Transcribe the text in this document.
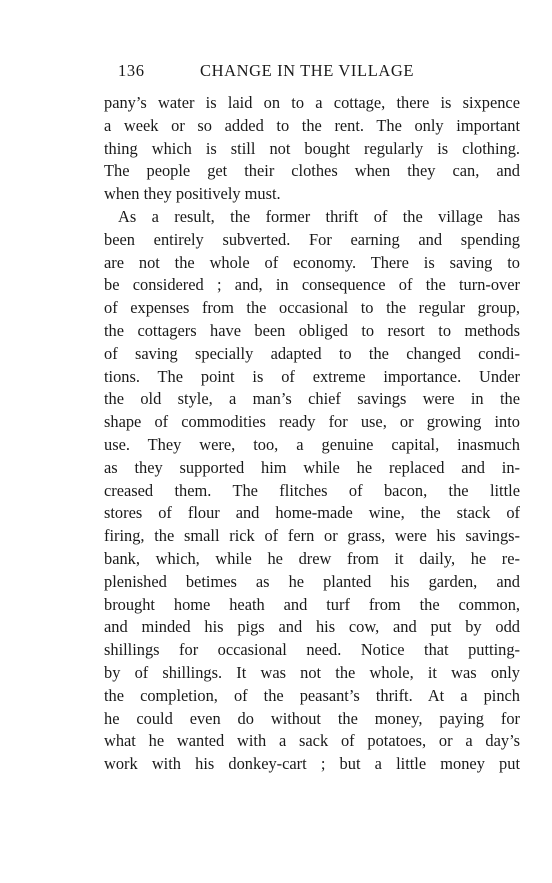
136	CHANGE IN THE VILLAGE
pany’s water is laid on to a cottage, there is sixpence
a week or so added to the rent. The only important
thing which is still not bought regularly is clothing.
The people get their clothes when they can, and
when they positively must.
As a result, the former thrift of the village has
been entirely subverted. For earning and spending
are not the whole of economy. There is saving to
be considered ; and, in consequence of the turn-over
of expenses from the occasional to the regular group,
the cottagers have been obliged to resort to methods
of saving specially adapted to the changed condi-
tions. The point is of extreme importance. Under
the old style, a man’s chief savings were in the
shape of commodities ready for use, or growing into
use. They were, too, a genuine capital, inasmuch
as they supported him while he replaced and in-
creased them. The flitches of bacon, the little
stores of flour and home-made wine, the stack of
firing, the small rick of fern or grass, were his savings-
bank, which, while he drew from it daily, he re-
plenished betimes as he planted his garden, and
brought home heath and turf from the common,
and minded his pigs and his cow, and put by odd
shillings for occasional need. Notice that putting-
by of shillings. It was not the whole, it was only
the completion, of the peasant’s thrift. At a pinch
he could even do without the money, paying for
what he wanted with a sack of potatoes, or a day’s
work with his donkey-cart ; but a little money put
